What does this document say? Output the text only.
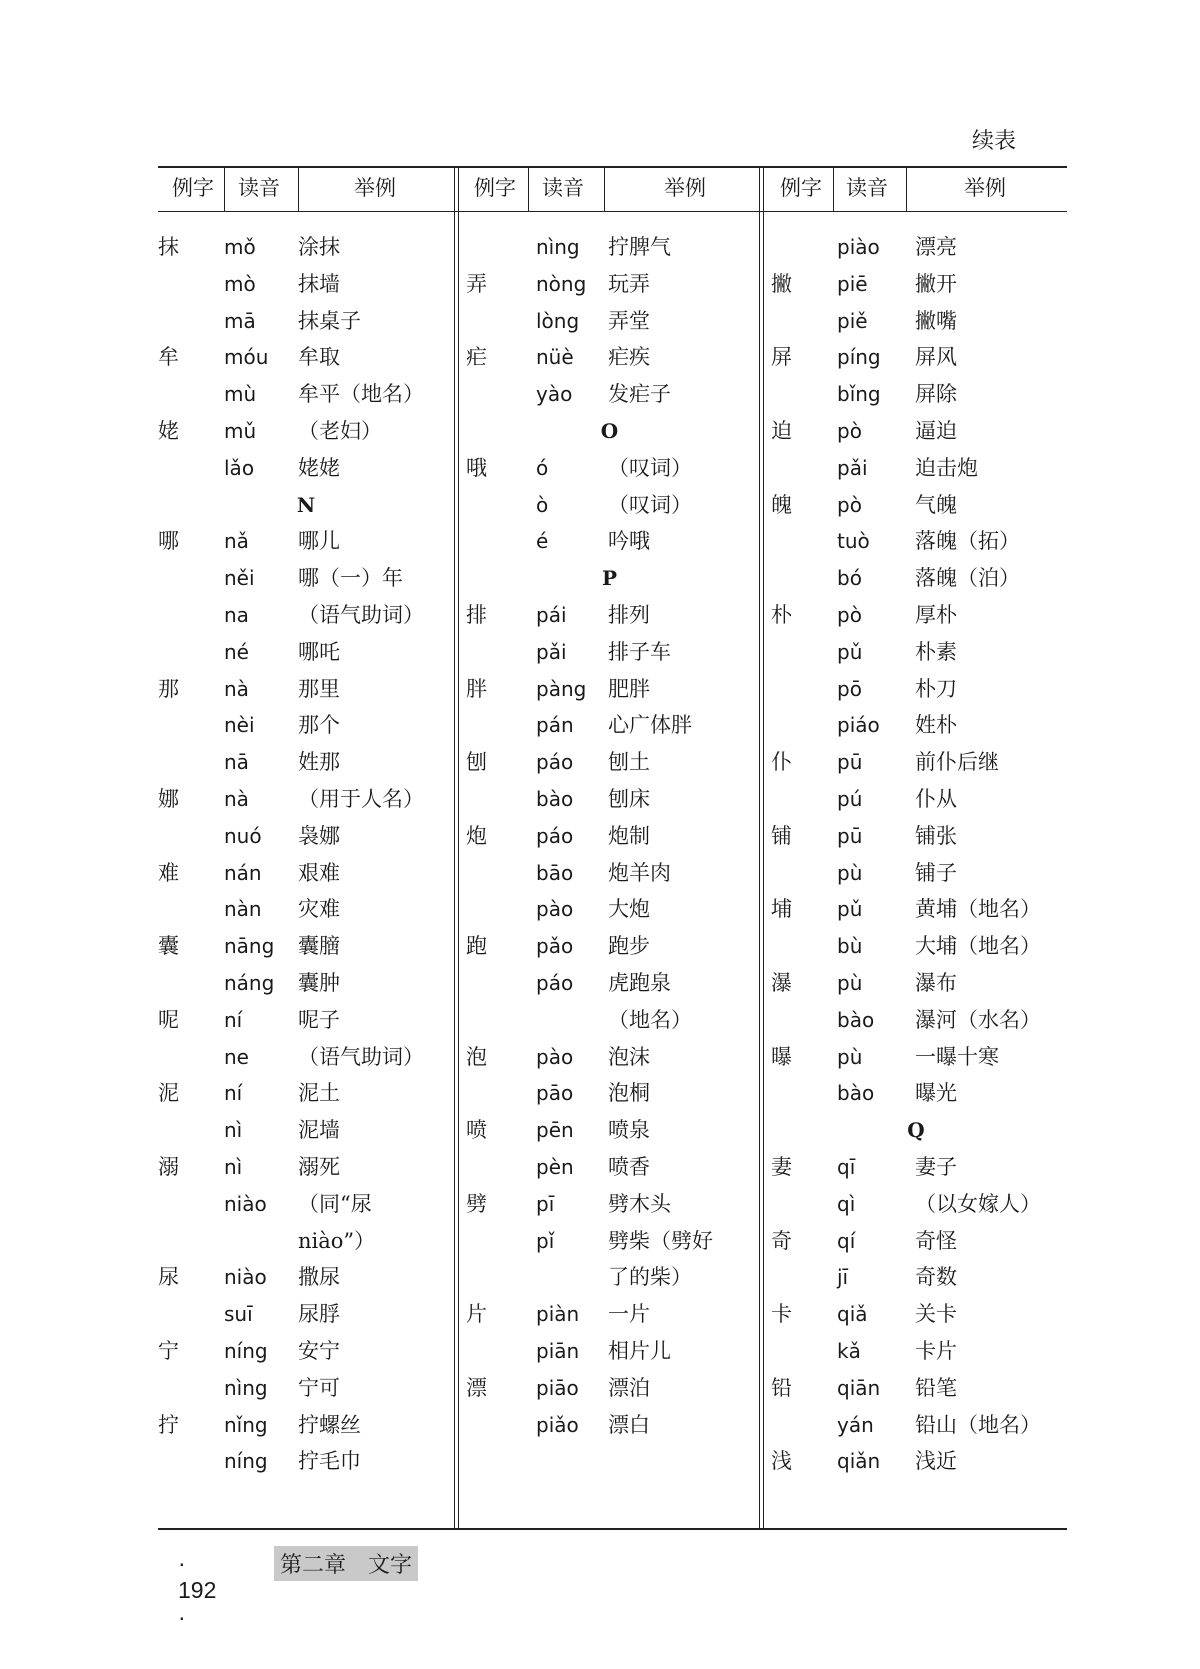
续表
例字 读音	举例	例字 读音	举例	例字 读音	举例
抹 mǒ 涂抹
mò 抹墙
mā 抹桌子
牟 móu 牟取
mù 牟平（地名）
姥 mǔ （老妇）
lǎo 姥姥
N
哪 nǎ 哪儿
něi 哪（一）年
na （语气助词）
né 哪吒
那 nà 那里
nèi 那个
nā 姓那
娜 nà （用于人名）
nuó 袅娜
难 nán 艰难
nàn 灾难
囊 nāng 囊膪
náng 囊肿
呢 ní	呢子
ne （语气助词）
泥 ní	泥土
nì	泥墙
溺 nì	溺死
niào （同“尿
niào”）
尿 niào 撒尿
suī 尿脬
宁 níng 安宁
nìng 宁可
拧 nǐng 拧螺丝
níng 拧毛巾
nìng 拧脾气
弄 nòng 玩弄
lòng 弄堂
疟 nüè 疟疾
yào 发疟子
O
哦 ó	（叹词）
ò	（叹词）
é	吟哦
P
排 pái 排列
pǎi 排子车
胖 pàng 肥胖
pán 心广体胖
刨 páo 刨土
bào 刨床
炮 páo 炮制
bāo 炮羊肉
pào 大炮
跑 pǎo 跑步
páo 虎跑泉
（地名）
泡 pào 泡沫
pāo 泡桐
喷 pēn 喷泉
pèn 喷香
劈 pī	劈木头
pǐ	劈柴（劈好
了的柴）
片 piàn 一片
piān 相片儿
漂 piāo 漂泊
piǎo 漂白
piào 漂亮
撇 piē 撇开
piě 撇嘴
屏 píng 屏风
bǐng 屏除
迫 pò	逼迫
pǎi 迫击炮
魄 pò	气魄
tuò 落魄（拓）
bó	落魄（泊）
朴 pò	厚朴
pǔ	朴素
pō	朴刀
piáo 姓朴
仆 pū	前仆后继
pú	仆从
铺 pū	铺张
pù	铺子
埔 pǔ	黄埔（地名）
bù	大埔（地名）
瀑 pù	瀑布
bào 瀑河（水名）
曝 pù	一曝十寒
bào 曝光
Q
妻 qī	妻子
qì	（以女嫁人）
奇 qí	奇怪
jī	奇数
卡 qiǎ 关卡
kǎ	卡片
铅 qiān 铅笔
yán 铅山（地名）
浅 qiǎn 浅近
· 192 ·
第二章　文字
